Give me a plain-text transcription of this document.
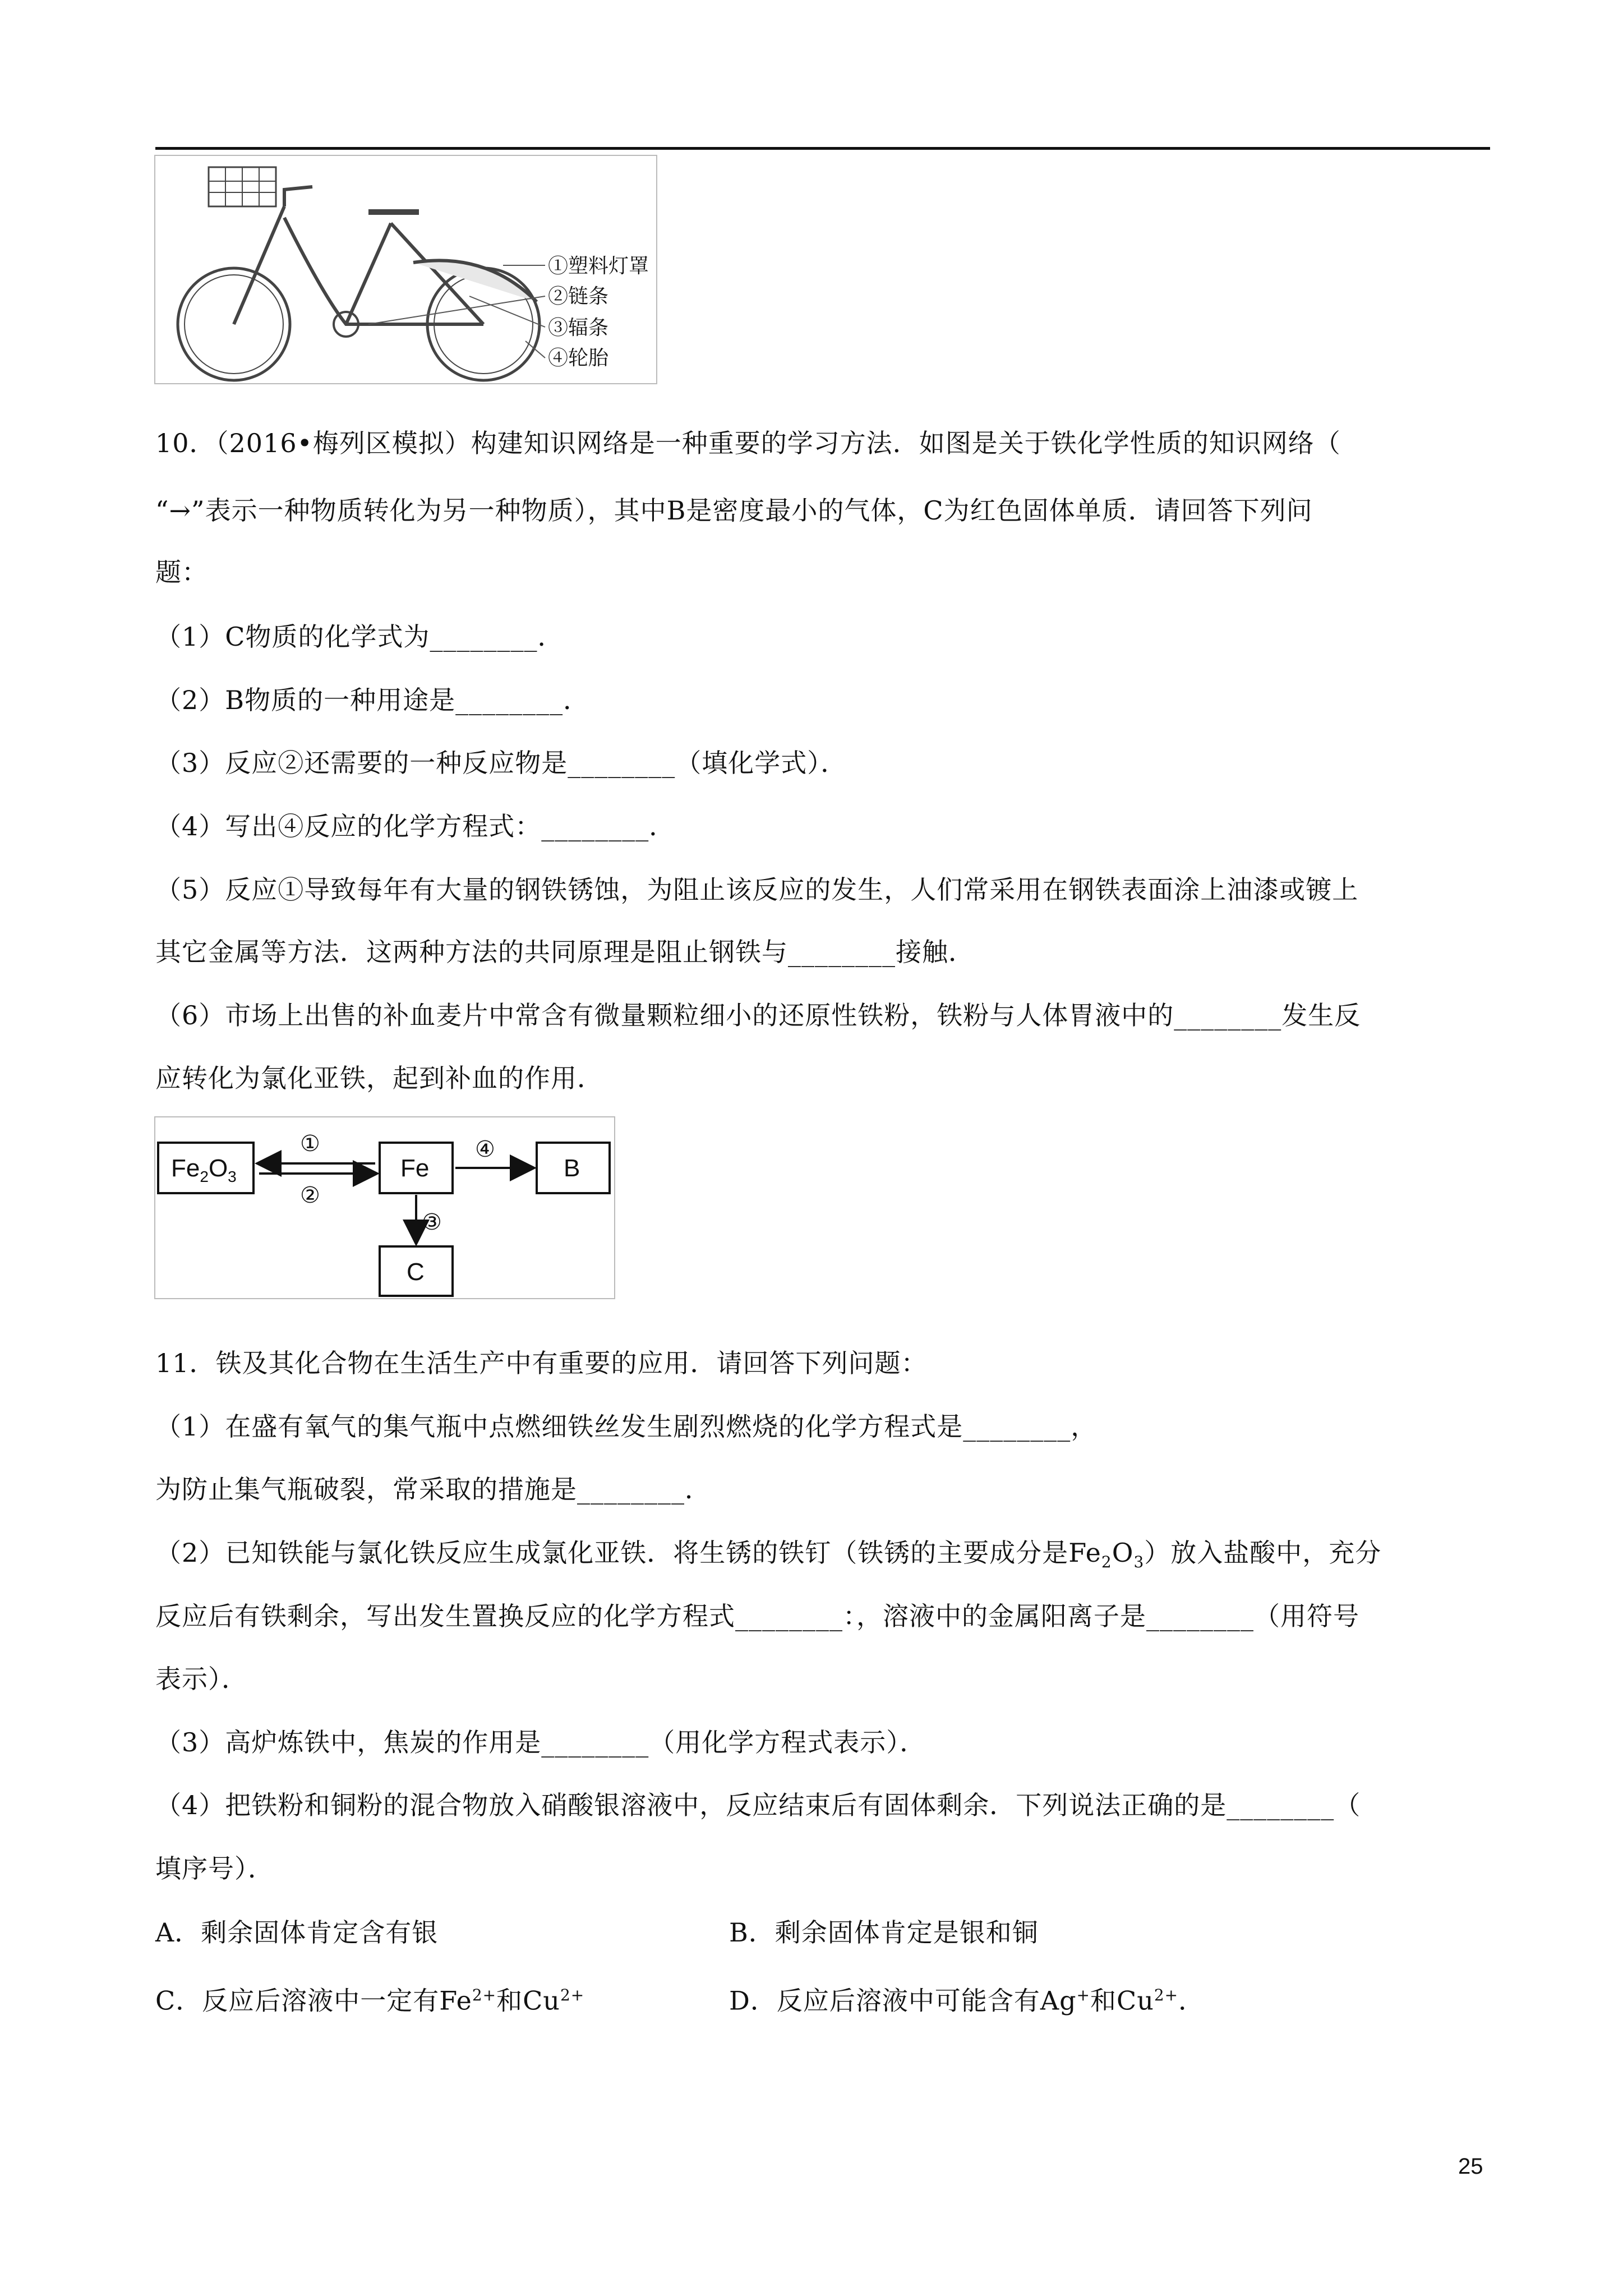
①塑料灯罩
②链条
③辐条
④轮胎
10．（2016•梅列区模拟）构建知识网络是一种重要的学习方法．如图是关于铁化学性质的知识网络（
“→”表示一种物质转化为另一种物质），其中B是密度最小的气体，C为红色固体单质．请回答下列问
题：
（1）C物质的化学式为________．
（2）B物质的一种用途是________．
（3）反应②还需要的一种反应物是________（填化学式）．
（4）写出④反应的化学方程式：________．
（5）反应①导致每年有大量的钢铁锈蚀，为阻止该反应的发生，人们常采用在钢铁表面涂上油漆或镀上
其它金属等方法．这两种方法的共同原理是阻止钢铁与________接触．
（6）市场上出售的补血麦片中常含有微量颗粒细小的还原性铁粉，铁粉与人体胃液中的________发生反
应转化为氯化亚铁，起到补血的作用．
$Fe_2O_3$	Fe	B
C
①
②
④
③
11．铁及其化合物在生活生产中有重要的应用．请回答下列问题：
（1）在盛有氧气的集气瓶中点燃细铁丝发生剧烈燃烧的化学方程式是________，
为防止集气瓶破裂，常采取的措施是________．
（2）已知铁能与氯化铁反应生成氯化亚铁．将生锈的铁钉（铁锈的主要成分是$Fe_2O_3$）放入盐酸中，充分
反应后有铁剩余，写出发生置换反应的化学方程式________：，溶液中的金属阳离子是________（用符号
表示）．
（3）高炉炼铁中，焦炭的作用是________（用化学方程式表示）．
（4）把铁粉和铜粉的混合物放入硝酸银溶液中，反应结束后有固体剩余．下列说法正确的是________（
填序号）．
A．剩余固体肯定含有银	B．剩余固体肯定是银和铜
C．反应后溶液中一定有$Fe^{2+}$和$Cu^{2+}$	D．反应后溶液中可能含有Ag+和$Cu^{2+}$．
25
